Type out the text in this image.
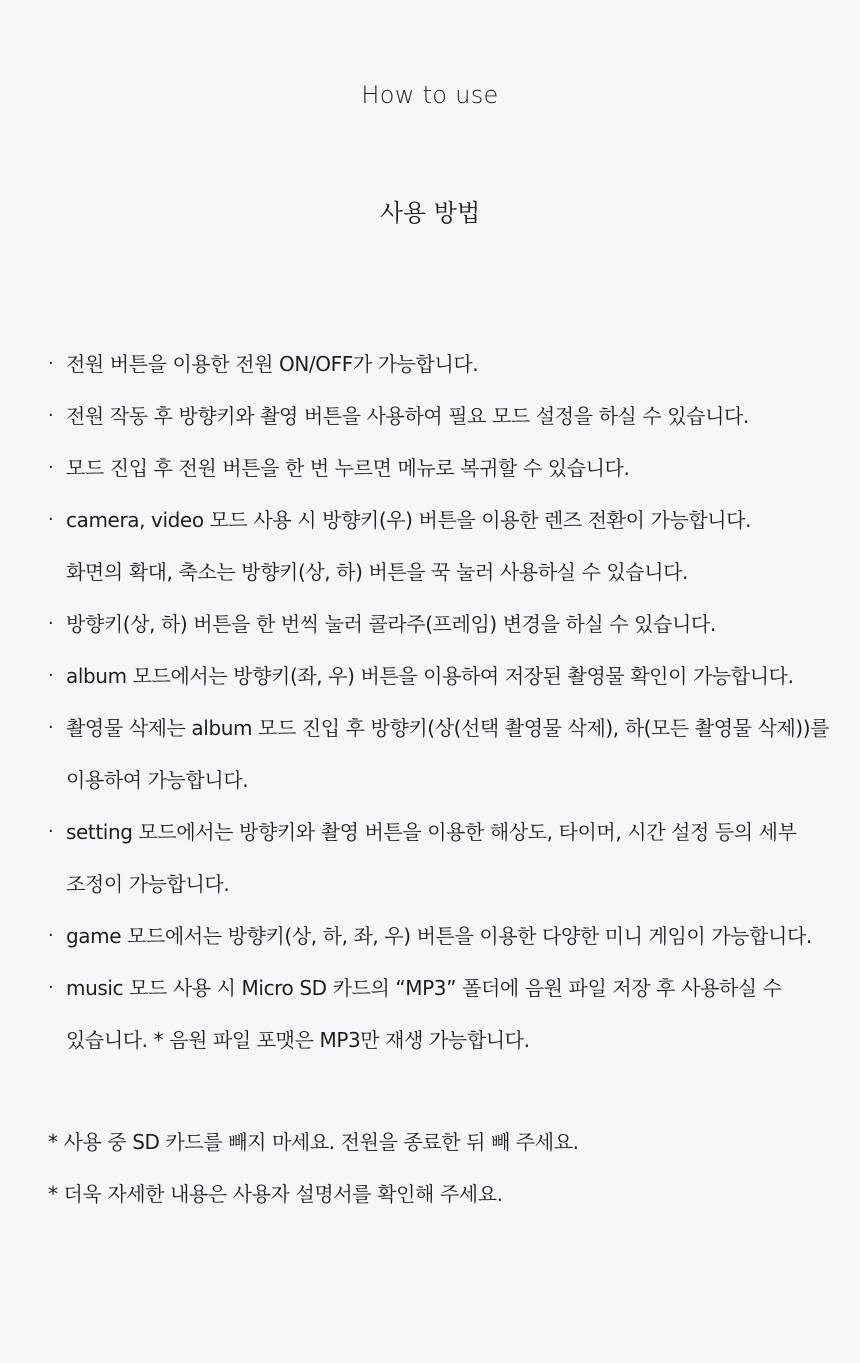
How to use
사용 방법
· 전원 버튼을 이용한 전원 ON/OFF가 가능합니다.
· 전원 작동 후 방향키와 촬영 버튼을 사용하여 필요 모드 설정을 하실 수 있습니다.
· 모드 진입 후 전원 버튼을 한 번 누르면 메뉴로 복귀할 수 있습니다.
· camera, video 모드 사용 시 방향키(우) 버튼을 이용한 렌즈 전환이 가능합니다.
화면의 확대, 축소는 방향키(상, 하) 버튼을 꾹 눌러 사용하실 수 있습니다.
· 방향키(상, 하) 버튼을 한 번씩 눌러 콜라주(프레임) 변경을 하실 수 있습니다.
· album 모드에서는 방향키(좌, 우) 버튼을 이용하여 저장된 촬영물 확인이 가능합니다.
· 촬영물 삭제는 album 모드 진입 후 방향키(상(선택 촬영물 삭제), 하(모든 촬영물 삭제))를
이용하여 가능합니다.
· setting 모드에서는 방향키와 촬영 버튼을 이용한 해상도, 타이머, 시간 설정 등의 세부
조정이 가능합니다.
· game 모드에서는 방향키(상, 하, 좌, 우) 버튼을 이용한 다양한 미니 게임이 가능합니다.
· music 모드 사용 시 Micro SD 카드의 “MP3” 폴더에 음원 파일 저장 후 사용하실 수
있습니다. * 음원 파일 포맷은 MP3만 재생 가능합니다.
* 사용 중 SD 카드를 빼지 마세요. 전원을 종료한 뒤 빼 주세요.
* 더욱 자세한 내용은 사용자 설명서를 확인해 주세요.
